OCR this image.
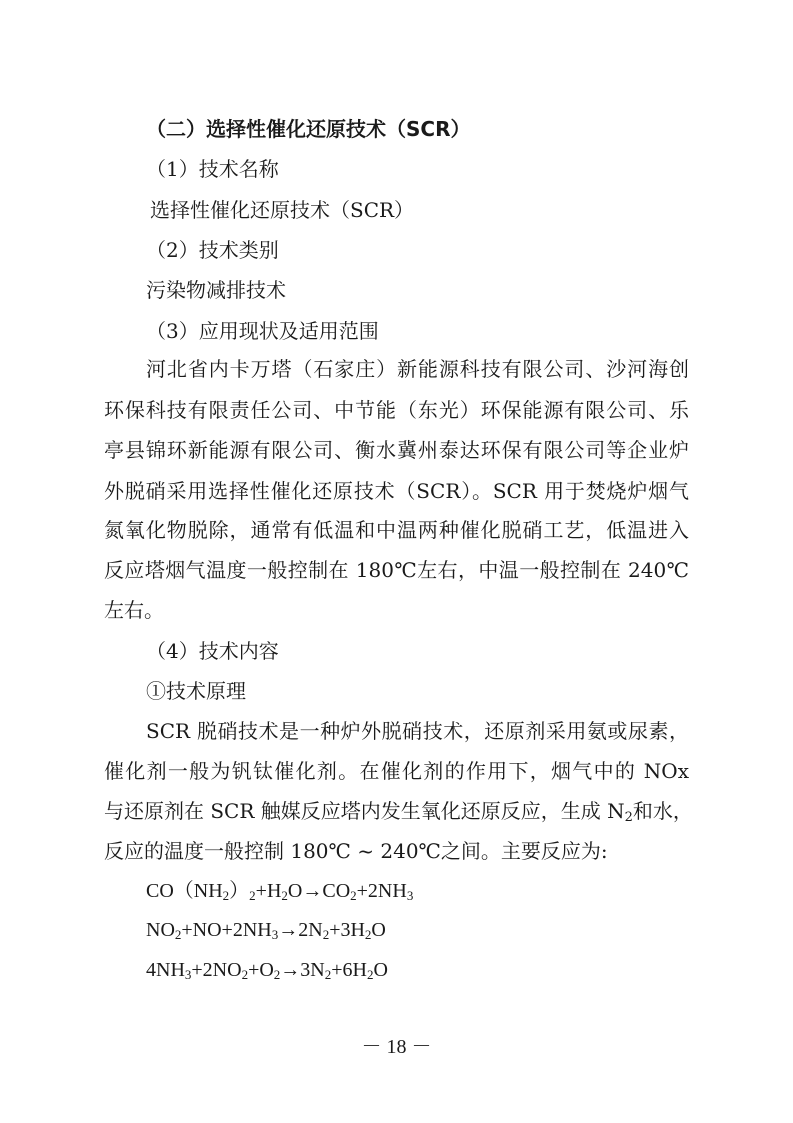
（二）选择性催化还原技术（SCR）
（1）技术名称
选择性催化还原技术（SCR）
（2）技术类别
污染物减排技术
（3）应用现状及适用范围
河北省内卡万塔（石家庄）新能源科技有限公司、沙河海创
环保科技有限责任公司、中节能（东光）环保能源有限公司、乐
亭县锦环新能源有限公司、衡水冀州泰达环保有限公司等企业炉
外脱硝采用选择性催化还原技术（SCR）。SCR 用于焚烧炉烟气
氮氧化物脱除，通常有低温和中温两种催化脱硝工艺，低温进入
反应塔烟气温度一般控制在 180℃左右，中温一般控制在 240℃
左右。
（4）技术内容
①技术原理
SCR 脱硝技术是一种炉外脱硝技术，还原剂采用氨或尿素，
催化剂一般为钒钛催化剂。在催化剂的作用下，烟气中的 NOx
与还原剂在 SCR 触媒反应塔内发生氧化还原反应，生成 $N_2$和水，
反应的温度一般控制 180℃ ~ 240℃之间。主要反应为:
$CO(NH_2)_2+H_2O\to CO_2+2NH_3$
$NO_2+NO+2NH_3\to 2N_2+3H_2O$
$4NH_3+2NO_2+O_2\to 3N_2+6H_2O$
－ 18 －
